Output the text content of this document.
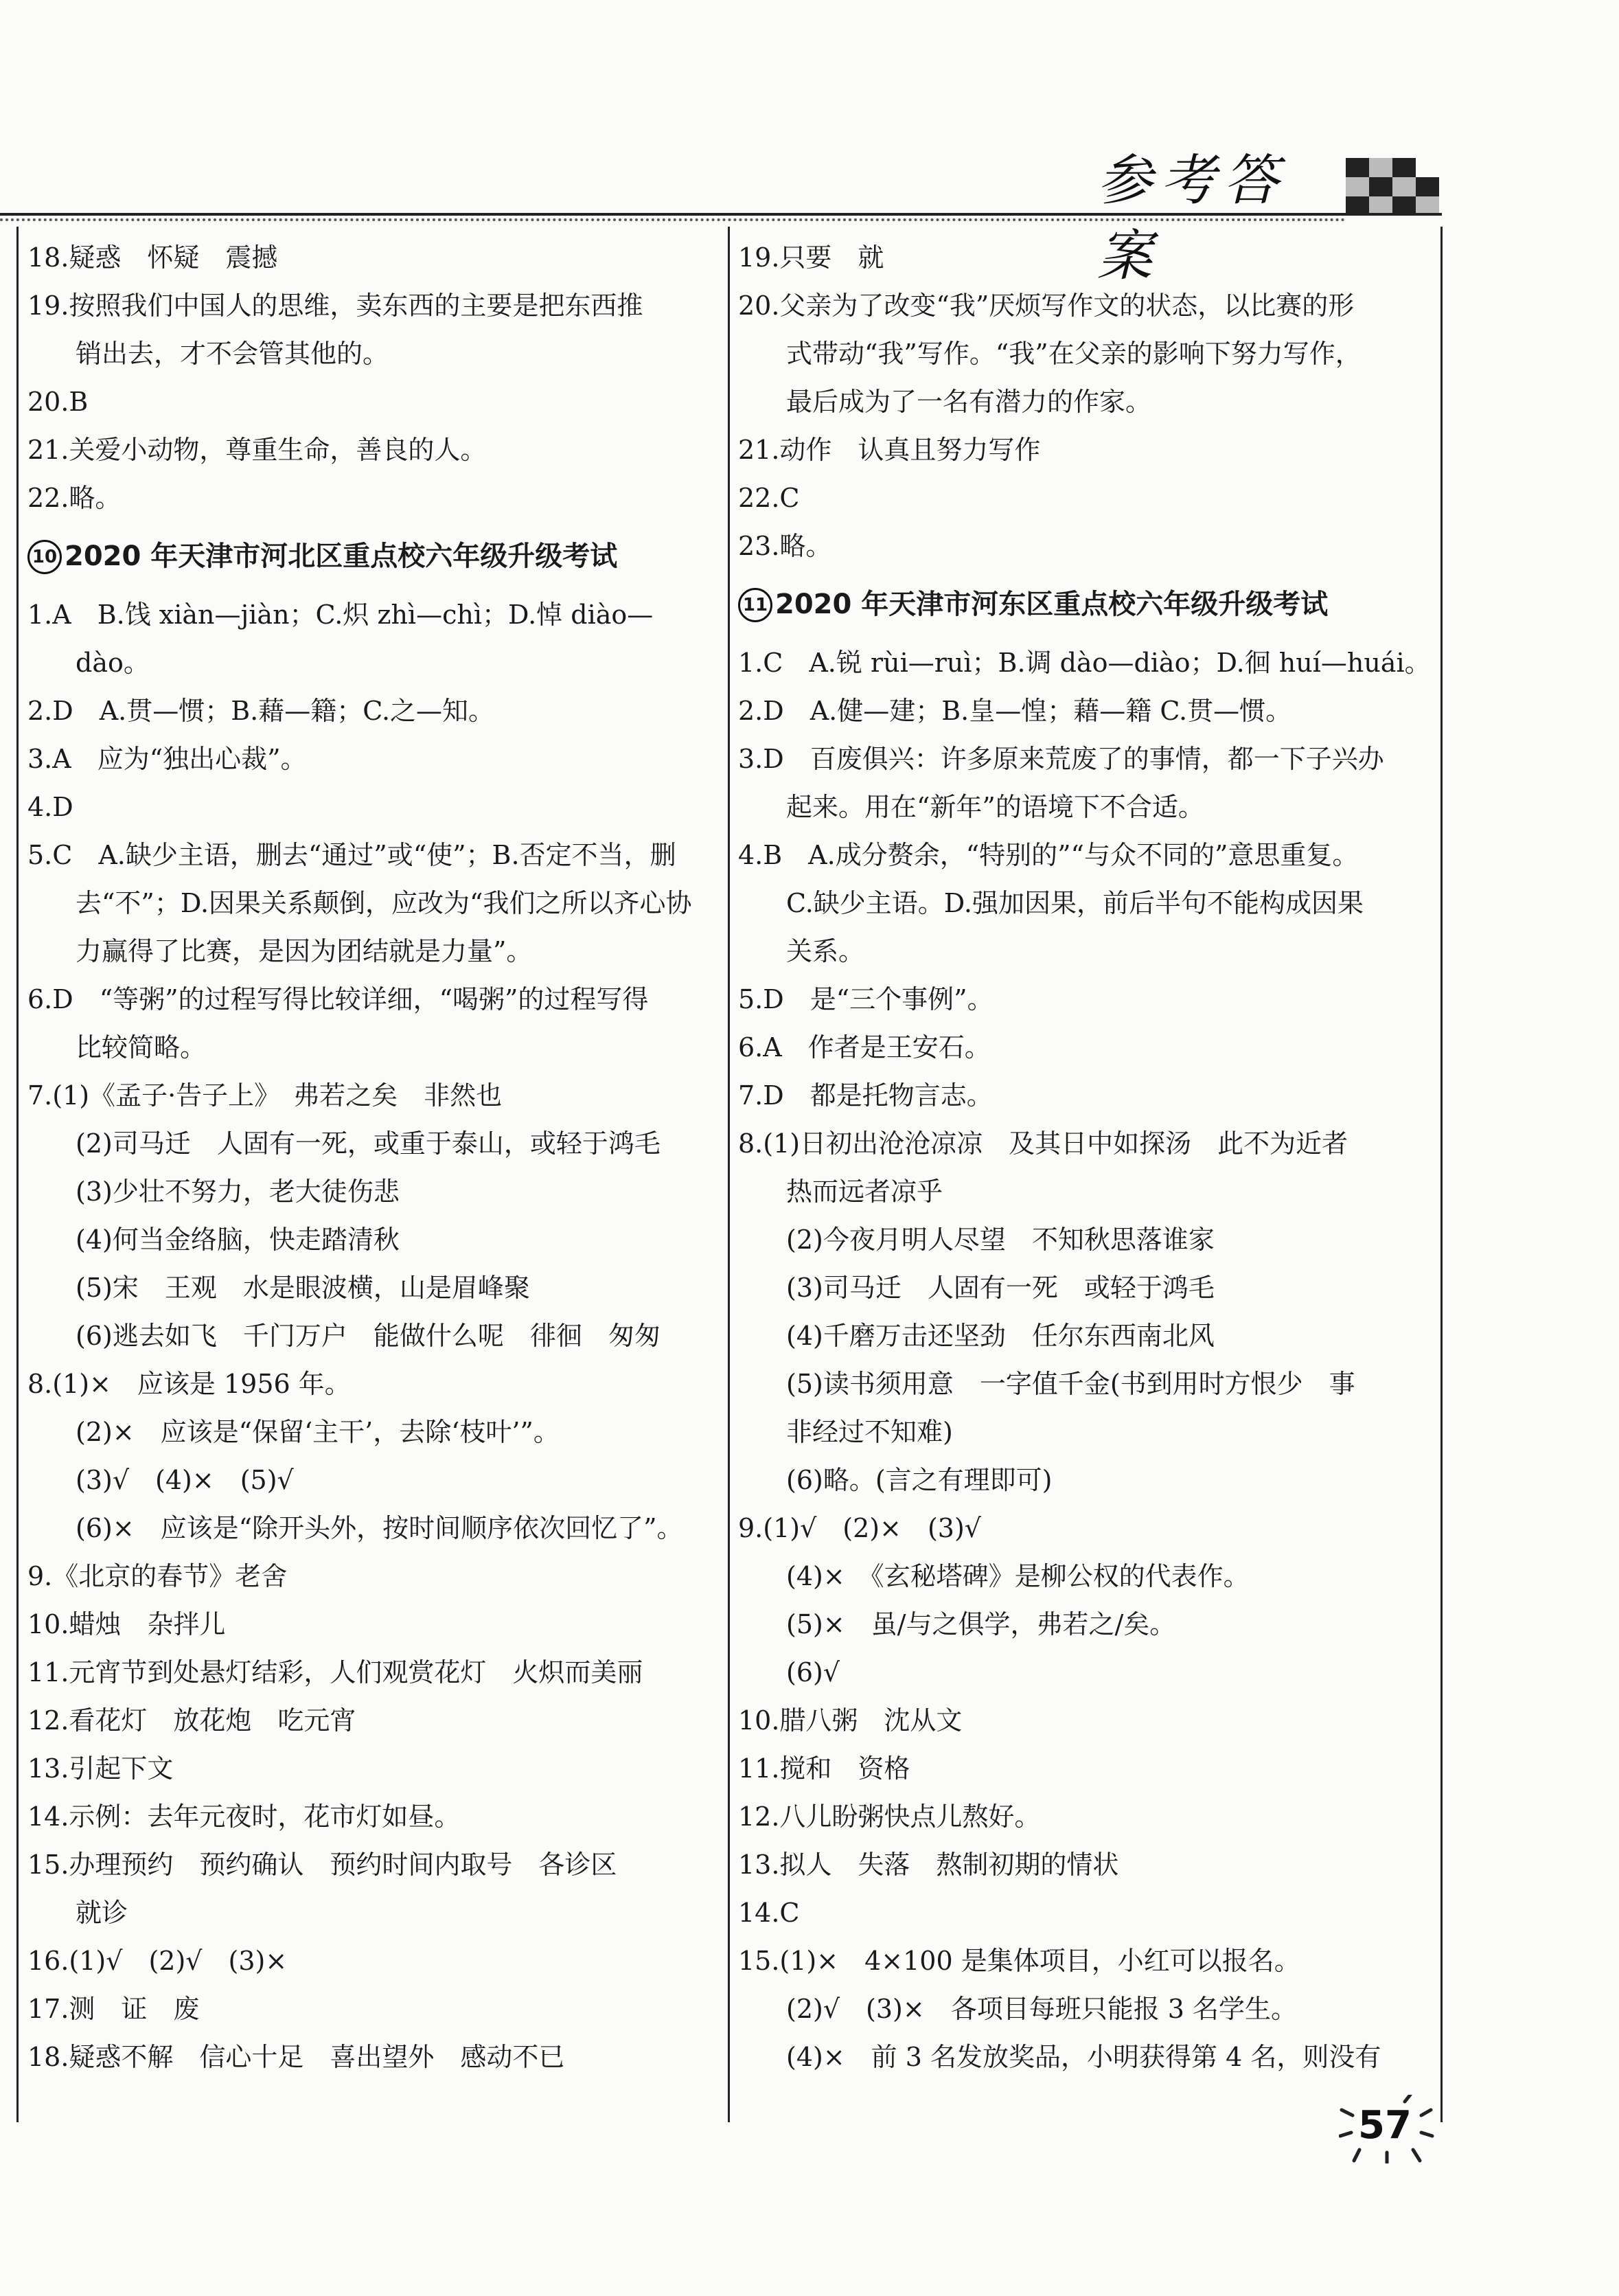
参考答案
18.疑惑　怀疑　震撼
19.按照我们中国人的思维，卖东西的主要是把东西推
销出去，才不会管其他的。
20.B
21.关爱小动物，尊重生命，善良的人。
22.略。
10 2020 年天津市河北区重点校六年级升级考试
1.A　B.饯 xiàn—jiàn；C.炽 zhì—chì；D.悼 diào—
dào。
2.D　A.贯—惯；B.藉—籍；C.之—知。
3.A　应为“独出心裁”。
4.D
5.C　A.缺少主语，删去“通过”或“使”；B.否定不当，删
去“不”；D.因果关系颠倒，应改为“我们之所以齐心协
力赢得了比赛，是因为团结就是力量”。
6.D　“等粥”的过程写得比较详细，“喝粥”的过程写得
比较简略。
7.(1)《孟子·告子上》　弗若之矣　非然也
(2)司马迁　人固有一死，或重于泰山，或轻于鸿毛
(3)少壮不努力，老大徒伤悲
(4)何当金络脑，快走踏清秋
(5)宋　王观　水是眼波横，山是眉峰聚
(6)逃去如飞　千门万户　能做什么呢　徘徊　匆匆
8.(1)×　应该是 1956 年。
(2)×　应该是“保留‘主干’，去除‘枝叶’”。
(3)√　(4)×　(5)√
(6)×　应该是“除开头外，按时间顺序依次回忆了”。
9.《北京的春节》老舍
10.蜡烛　杂拌儿
11.元宵节到处悬灯结彩，人们观赏花灯　火炽而美丽
12.看花灯　放花炮　吃元宵
13.引起下文
14.示例：去年元夜时，花市灯如昼。
15.办理预约　预约确认　预约时间内取号　各诊区
就诊
16.(1)√　(2)√　(3)×
17.测　证　废
18.疑惑不解　信心十足　喜出望外　感动不已
19.只要　就
20.父亲为了改变“我”厌烦写作文的状态，以比赛的形
式带动“我”写作。“我”在父亲的影响下努力写作，
最后成为了一名有潜力的作家。
21.动作　认真且努力写作
22.C
23.略。
11 2020 年天津市河东区重点校六年级升级考试
1.C　A.锐 rùi—ruì；B.调 dào—diào；D.徊 huí—huái。
2.D　A.健—建；B.皇—惶；藉—籍 C.贯—惯。
3.D　百废俱兴：许多原来荒废了的事情，都一下子兴办
起来。用在“新年”的语境下不合适。
4.B　A.成分赘余，“特别的”“与众不同的”意思重复。
C.缺少主语。D.强加因果，前后半句不能构成因果
关系。
5.D　是“三个事例”。
6.A　作者是王安石。
7.D　都是托物言志。
8.(1)日初出沧沧凉凉　及其日中如探汤　此不为近者
热而远者凉乎
(2)今夜月明人尽望　不知秋思落谁家
(3)司马迁　人固有一死　或轻于鸿毛
(4)千磨万击还坚劲　任尔东西南北风
(5)读书须用意　一字值千金(书到用时方恨少　事
非经过不知难)
(6)略。(言之有理即可)
9.(1)√　(2)×　(3)√
(4)×　《玄秘塔碑》是柳公权的代表作。
(5)×　虽/与之俱学，弗若之/矣。
(6)√
10.腊八粥　沈从文
11.搅和　资格
12.八儿盼粥快点儿熬好。
13.拟人　失落　熬制初期的情状
14.C
15.(1)×　4×100 是集体项目，小红可以报名。
(2)√　(3)×　各项目每班只能报 3 名学生。
(4)×　前 3 名发放奖品，小明获得第 4 名，则没有
57
